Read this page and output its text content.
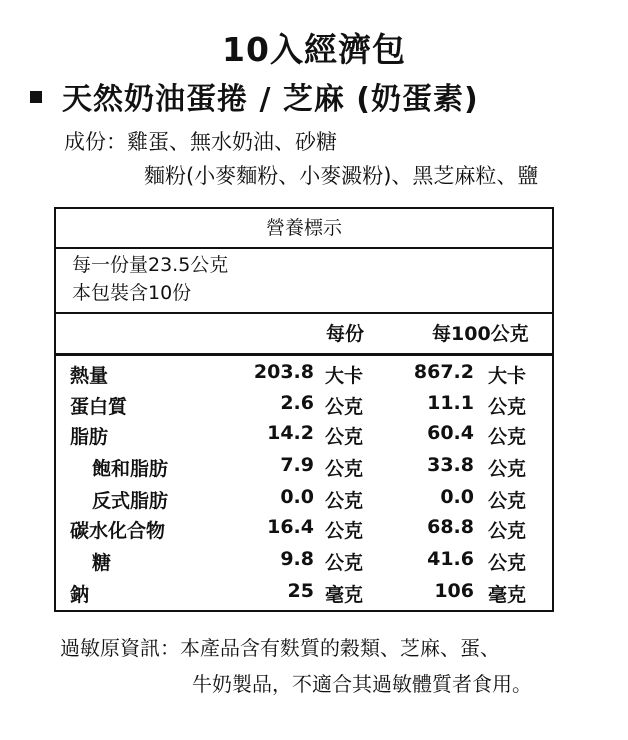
10入經濟包
天然奶油蛋捲 / 芝麻 (奶蛋素)
成份：雞蛋、無水奶油、砂糖
麵粉(小麥麵粉、小麥澱粉)、黑芝麻粒、鹽
營養標示
每一份量23.5公克
本包裝含10份
每份	每100公克
熱量	203.8 大卡	867.2 大卡
蛋白質	2.6 公克	11.1 公克
脂肪	14.2 公克	60.4 公克
飽和脂肪	7.9 公克	33.8 公克
反式脂肪	0.0 公克	0.0 公克
碳水化合物	16.4 公克	68.8 公克
糖	9.8 公克	41.6 公克
鈉	25 毫克	106 毫克
過敏原資訊：本產品含有麩質的穀類、芝麻、蛋、
牛奶製品，不適合其過敏體質者食用。
